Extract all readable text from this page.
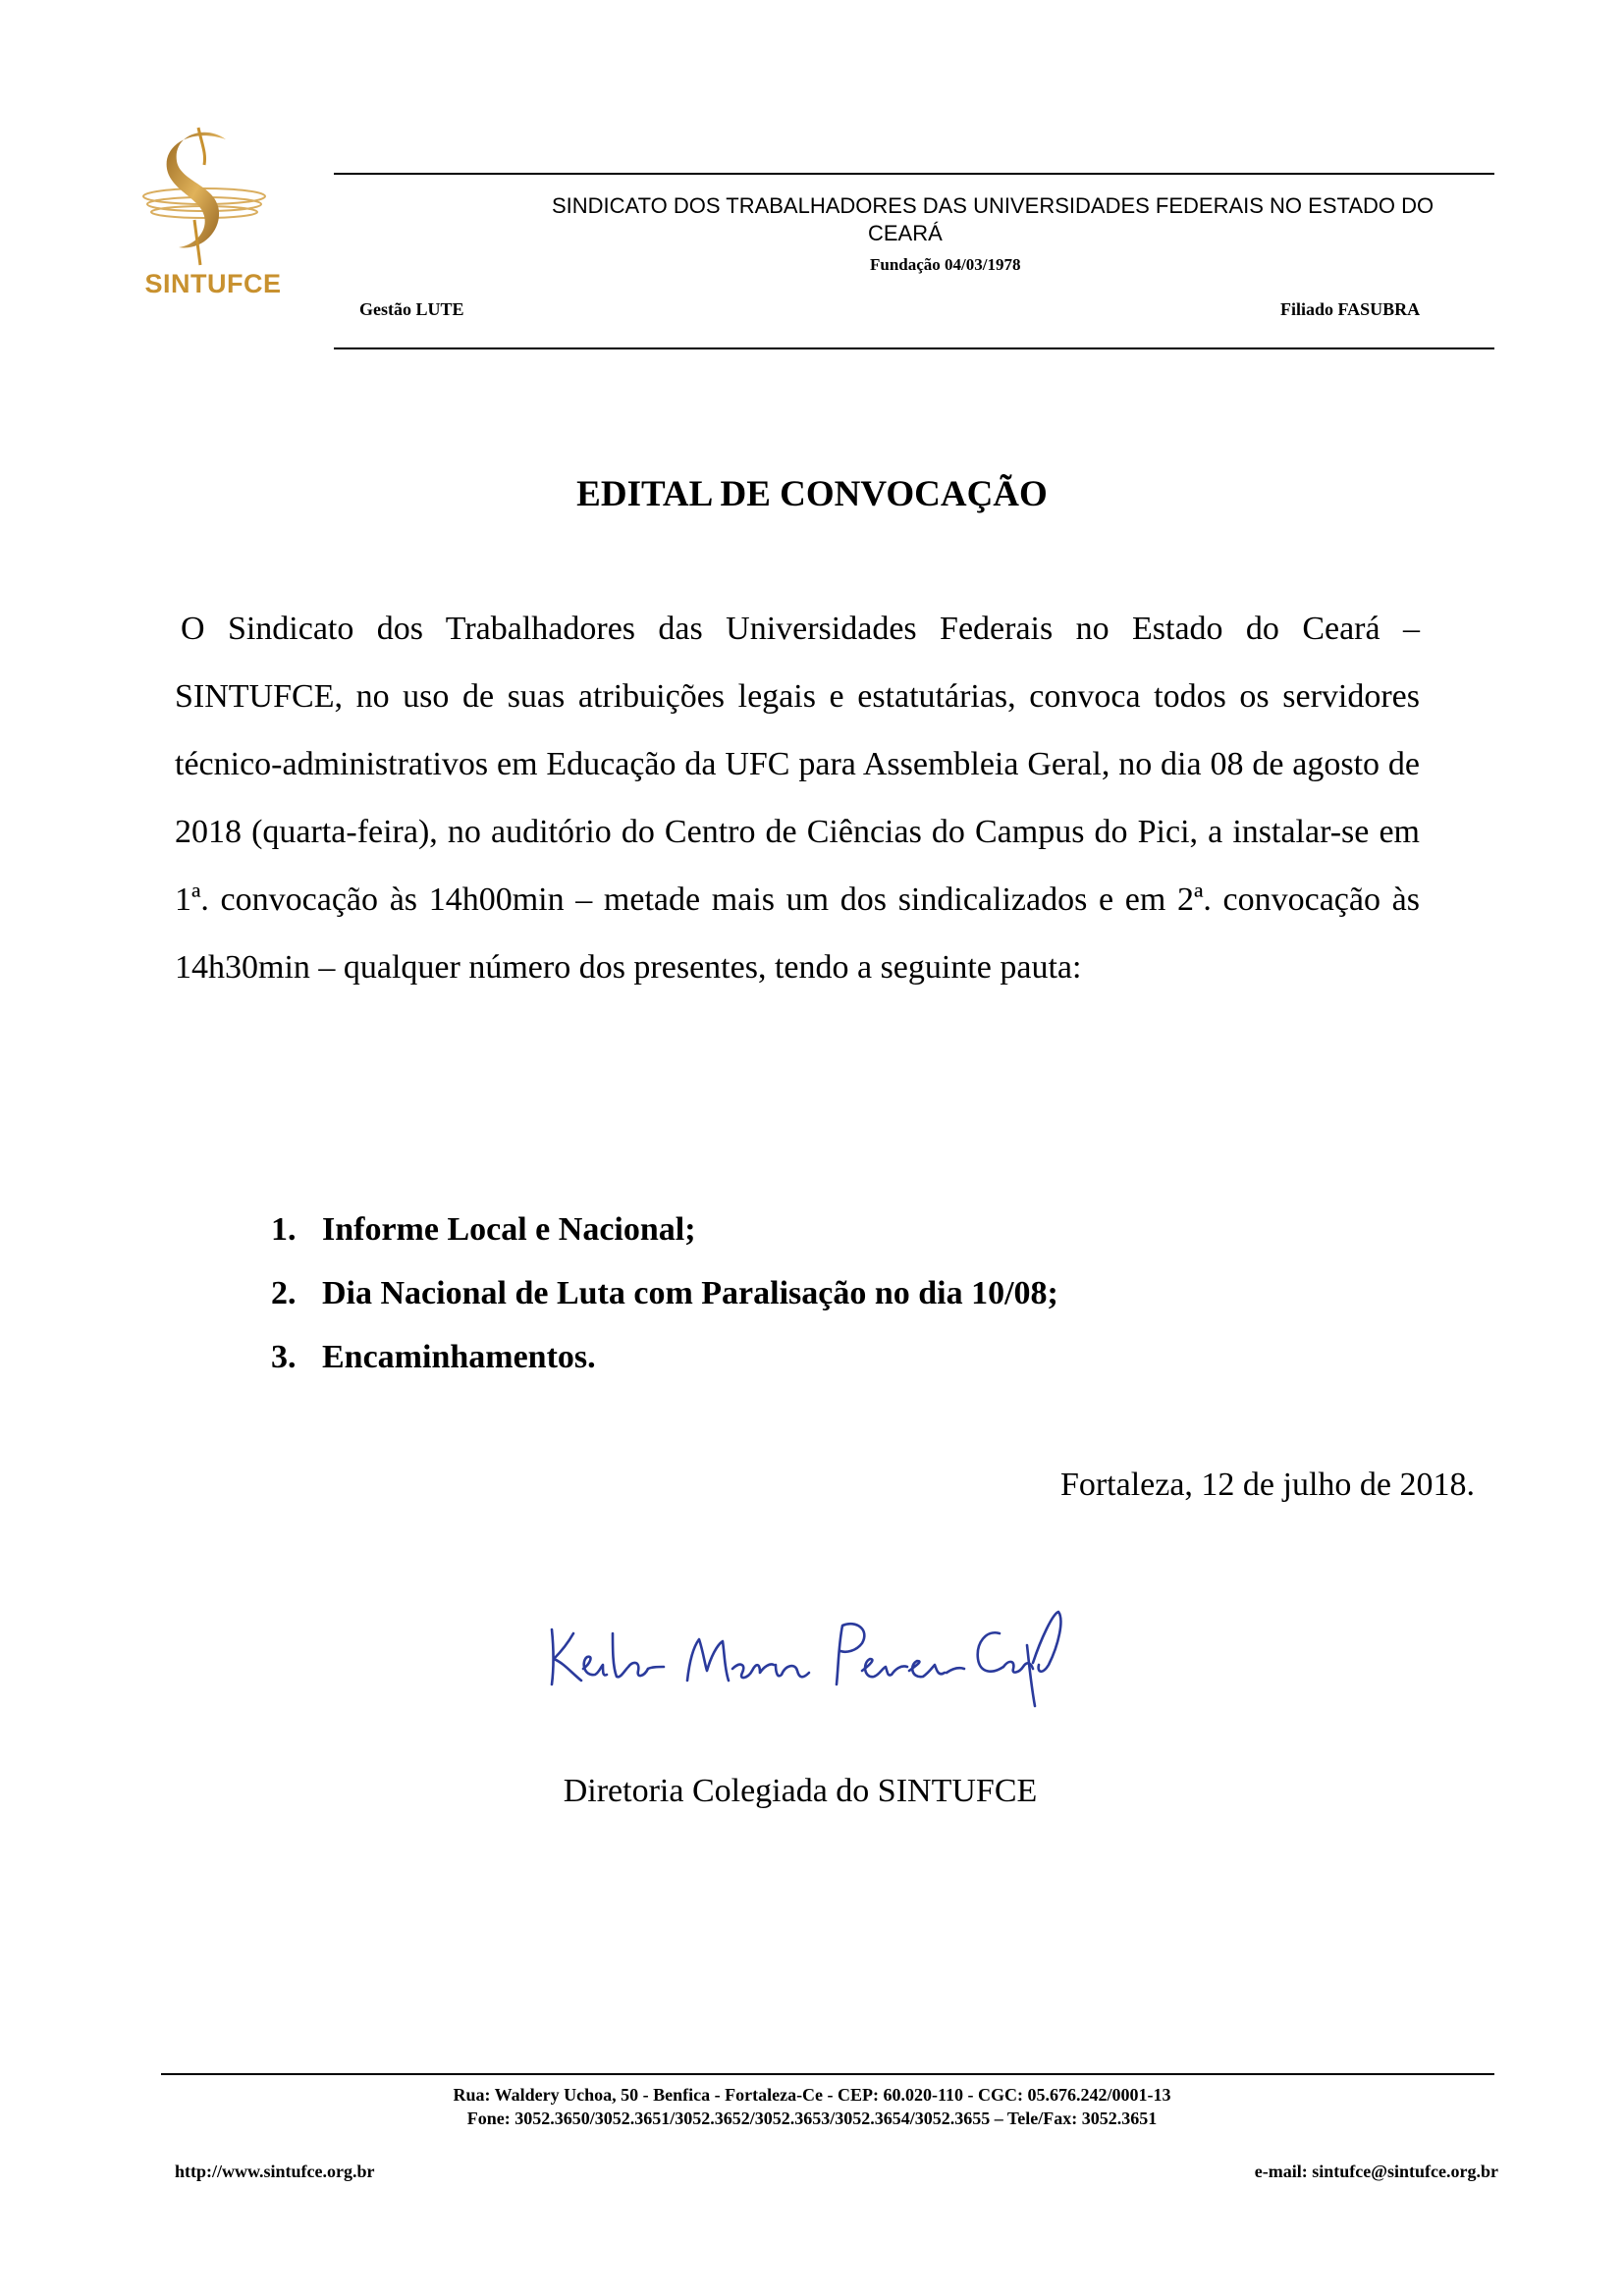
SINTUFCE
SINDICATO DOS TRABALHADORES DAS UNIVERSIDADES FEDERAIS NO ESTADO DO
CEARÁ
Fundação 04/03/1978
Gestão LUTE	Filiado FASUBRA
EDITAL DE CONVOCAÇÃO

O Sindicato dos Trabalhadores das Universidades Federais no Estado do Ceará – SINTUFCE, no uso de suas atribuições legais e estatutárias, convoca todos os servidores técnico-administrativos em Educação da UFC para Assembleia Geral, no dia 08 de agosto de 2018 (quarta-feira), no auditório do Centro de Ciências do Campus do Pici, a instalar-se em 1ª. convocação às 14h00min – metade mais um dos sindicalizados e em 2ª. convocação às 14h30min – qualquer número dos presentes, tendo a seguinte pauta:

1. Informe Local e Nacional;
2. Dia Nacional de Luta com Paralisação no dia 10/08;
3. Encaminhamentos.
Fortaleza, 12 de julho de 2018.
Diretoria Colegiada do SINTUFCE
Rua: Waldery Uchoa, 50 - Benfica - Fortaleza-Ce - CEP: 60.020-110 - CGC: 05.676.242/0001-13
Fone: 3052.3650/3052.3651/3052.3652/3052.3653/3052.3654/3052.3655 – Tele/Fax: 3052.3651
http://www.sintufce.org.br	e-mail: sintufce@sintufce.org.br
